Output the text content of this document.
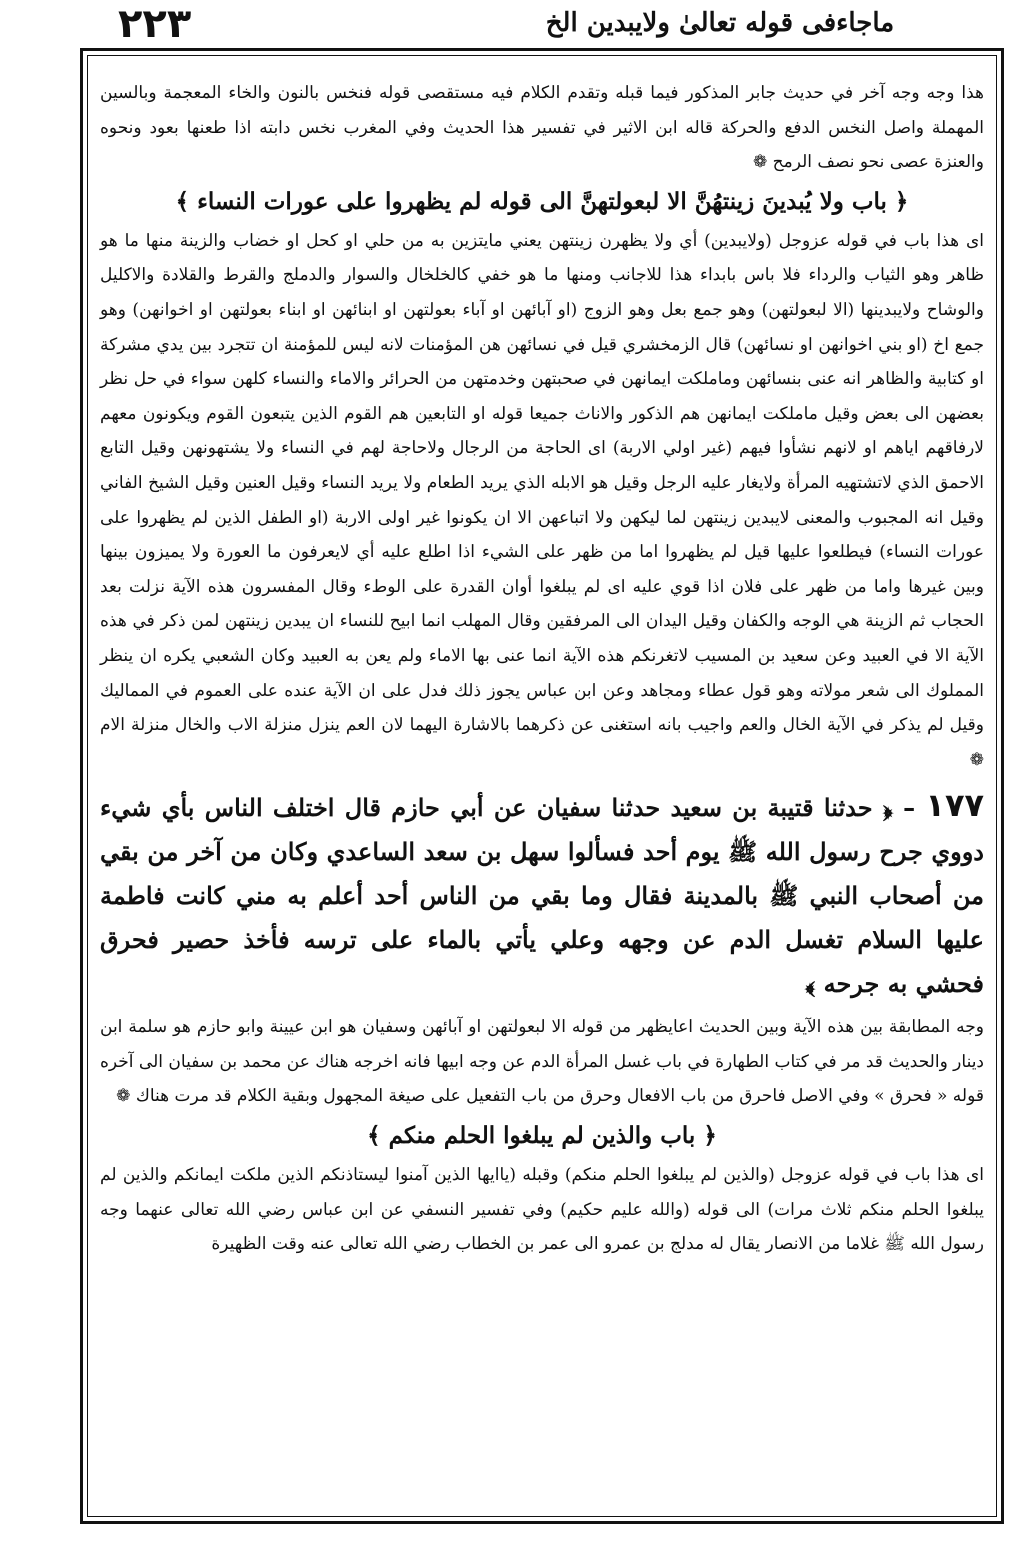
۲۲۳	ماجاءفی قوله تعالیٰ ولایبدین الخ

هذا وجه وجه آخر في حديث جابر المذكور فيما قبله وتقدم الكلام فيه مستقصى قوله فنخس بالنون والخاء المعجمة وبالسين المهملة واصل النخس الدفع والحركة قاله ابن الاثير في تفسير هذا الحديث وفي المغرب نخس دابته اذا طعنها بعود ونحوه والعنزة عصى نحو نصف الرمح ❁

﴿ باب ولا يُبدينَ زينتهُنَّ الا لبعولتهنَّ الى قوله لم يظهروا على عورات النساء ﴾

اى هذا باب في قوله عزوجل (ولايبدين) أي ولا يظهرن زينتهن يعني مايتزين به من حلي او كحل او خضاب والزينة منها ما هو ظاهر وهو الثياب والرداء فلا باس بابداء هذا للاجانب ومنها ما هو خفي كالخلخال والسوار والدملج والقرط والقلادة والاكليل والوشاح ولايبدينها (الا لبعولتهن) وهو جمع بعل وهو الزوج (او آبائهن او آباء بعولتهن او ابنائهن او ابناء بعولتهن او اخوانهن) وهو جمع اخ (او بني اخوانهن او نسائهن) قال الزمخشري قيل في نسائهن هن المؤمنات لانه ليس للمؤمنة ان تتجرد بين يدي مشركة او كتابية والظاهر انه عنى بنسائهن وماملكت ايمانهن في صحبتهن وخدمتهن من الحرائر والاماء والنساء كلهن سواء في حل نظر بعضهن الى بعض وقيل ماملكت ايمانهن هم الذكور والاناث جميعا قوله او التابعين هم القوم الذين يتبعون القوم ويكونون معهم لارفاقهم اياهم او لانهم نشأوا فيهم (غير اولي الاربة) اى الحاجة من الرجال ولاحاجة لهم في النساء ولا يشتهونهن وقيل التابع الاحمق الذي لاتشتهيه المرأة ولايغار عليه الرجل وقيل هو الابله الذي يريد الطعام ولا يريد النساء وقيل العنين وقيل الشيخ الفاني وقيل انه المجبوب والمعنى لايبدين زينتهن لما ليكهن ولا اتباعهن الا ان يكونوا غير اولى الاربة (او الطفل الذين لم يظهروا على عورات النساء) فيطلعوا عليها قيل لم يظهروا اما من ظهر على الشيء اذا اطلع عليه أي لايعرفون ما العورة ولا يميزون بينها وبين غيرها واما من ظهر على فلان اذا قوي عليه اى لم يبلغوا أوان القدرة على الوطء وقال المفسرون هذه الآية نزلت بعد الحجاب ثم الزينة هي الوجه والكفان وقيل اليدان الى المرفقين وقال المهلب انما ابيح للنساء ان يبدين زينتهن لمن ذكر في هذه الآية الا في العبيد وعن سعيد بن المسيب لاتغرنكم هذه الآية انما عنى بها الاماء ولم يعن به العبيد وكان الشعبي يكره ان ينظر المملوك الى شعر مولاته وهو قول عطاء ومجاهد وعن ابن عباس يجوز ذلك فدل على ان الآية عنده على العموم في المماليك وقيل لم يذكر في الآية الخال والعم واجيب بانه استغنى عن ذكرهما بالاشارة اليهما لان العم ينزل منزلة الاب والخال منزلة الام ❁

١٧٧ – ﴿ حدثنا قتيبة بن سعيد حدثنا سفيان عن أبي حازم قال اختلف الناس بأي شيء دووي جرح رسول الله ﷺ يوم أحد فسألوا سهل بن سعد الساعدي وكان من آخر من بقي من أصحاب النبي ﷺ بالمدينة فقال وما بقي من الناس أحد أعلم به مني كانت فاطمة عليها السلام تغسل الدم عن وجهه وعلي يأتي بالماء على ترسه فأخذ حصير فحرق فحشي به جرحه ﴾

وجه المطابقة بين هذه الآية وبين الحديث اعايظهر من قوله الا لبعولتهن او آبائهن وسفيان هو ابن عيينة وابو حازم هو سلمة ابن دينار والحديث قد مر في كتاب الطهارة في باب غسل المرأة الدم عن وجه ابيها فانه اخرجه هناك عن محمد بن سفيان الى آخره قوله « فحرق » وفي الاصل فاحرق من باب الافعال وحرق من باب التفعيل على صيغة المجهول وبقية الكلام قد مرت هناك ❁

﴿ باب والذين لم يبلغوا الحلم منكم ﴾

اى هذا باب في قوله عزوجل (والذين لم يبلغوا الحلم منكم) وقبله (ياايها الذين آمنوا ليستاذنكم الذين ملكت ايمانكم والذين لم يبلغوا الحلم منكم ثلاث مرات) الى قوله (والله عليم حكيم) وفي تفسير النسفي عن ابن عباس رضي الله تعالى عنهما وجه رسول الله ﷺ غلاما من الانصار يقال له مدلج بن عمرو الى عمر بن الخطاب رضي الله تعالى عنه وقت الظهيرة
